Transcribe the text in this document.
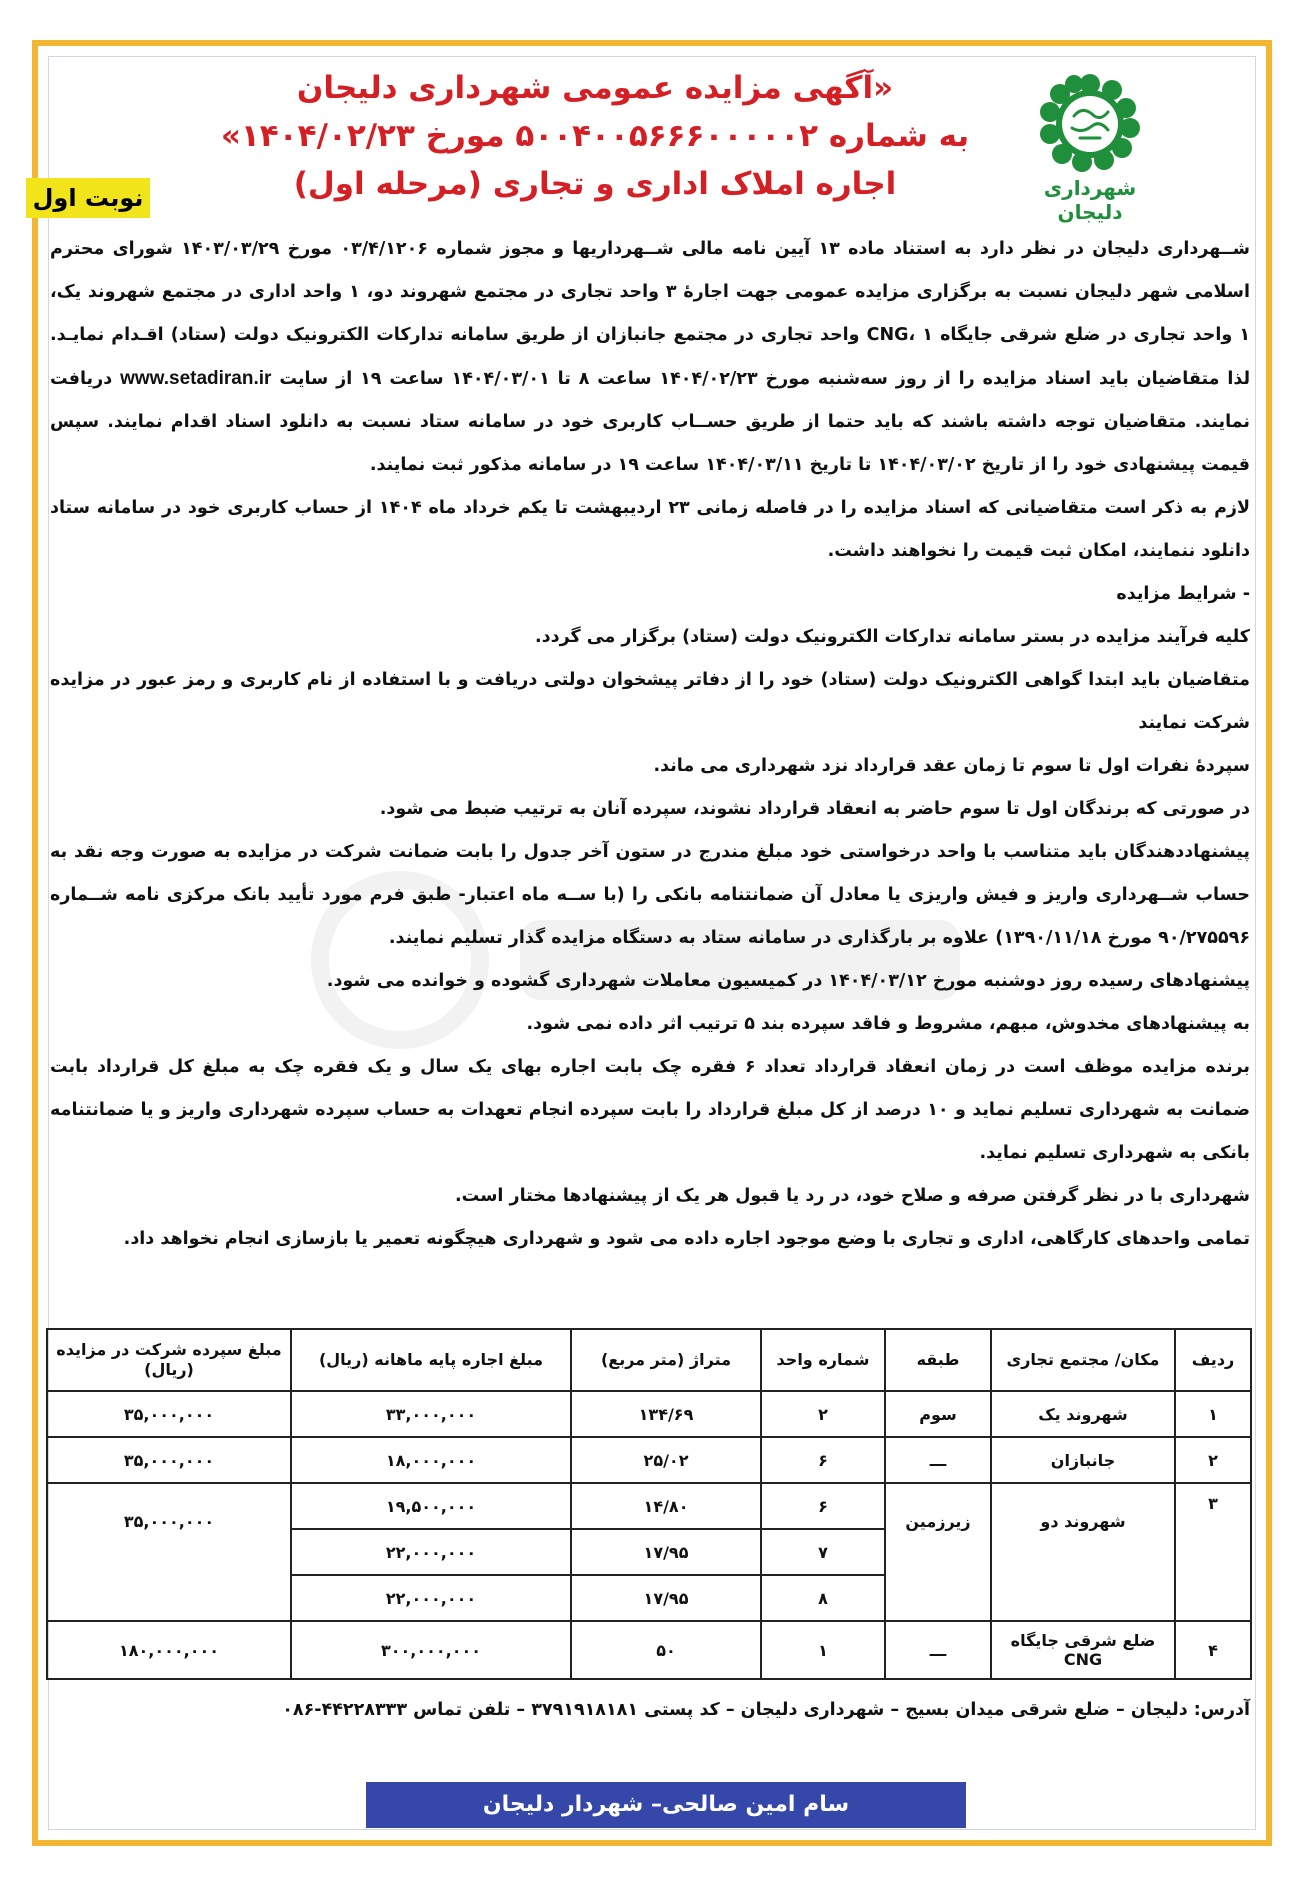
شهرداری دلیجان
«آگهی مزایده عمومی شهرداری دلیجان
به شماره ۵۰۰۴۰۰۵۶۶۶۰۰۰۰۰۲ مورخ ۱۴۰۴/۰۲/۲۳»
اجاره املاک اداری و تجاری (مرحله اول)
نوبت اول

شــهرداری دلیجان در نظر دارد به استناد ماده ۱۳ آیین نامه مالی شــهرداریها و مجوز شماره ۰۳/۴/۱۲۰۶ مورخ ۱۴۰۳/۰۳/۲۹ شورای محترم اسلامی شهر دلیجان نسبت به برگزاری مزایده عمومی جهت اجارهٔ ۳ واحد تجاری در مجتمع شهروند دو، ۱ واحد اداری در مجتمع شهروند یک، ۱ واحد تجاری در ضلع شرقی جایگاه CNG، ۱ واحد تجاری در مجتمع جانبازان از طریق سامانه تدارکات الکترونیک دولت (ستاد) اقـدام نمایـد. لذا متقاضیان باید اسناد مزایده را از روز سه‌شنبه مورخ ۱۴۰۴/۰۲/۲۳ ساعت ۸ تا ۱۴۰۴/۰۳/۰۱ ساعت ۱۹ از سایت www.setadiran.ir دریافت نمایند. متقاضیان توجه داشته باشند که باید حتما از طریق حســاب کاربری خود در سامانه ستاد نسبت به دانلود اسناد اقدام نمایند. سپس قیمت پیشنهادی خود را از تاریخ ۱۴۰۴/۰۳/۰۲ تا تاریخ ۱۴۰۴/۰۳/۱۱ ساعت ۱۹ در سامانه مذکور ثبت نمایند.

لازم به ذکر است متقاضیانی که اسناد مزایده را در فاصله زمانی ۲۳ اردیبهشت تا یکم خرداد ماه ۱۴۰۴ از حساب کاربری خود در سامانه ستاد دانلود ننمایند، امکان ثبت قیمت را نخواهند داشت.

- شرایط مزایده

کلیه فرآیند مزایده در بستر سامانه تدارکات الکترونیک دولت (ستاد) برگزار می گردد.

متقاضیان باید ابتدا گواهی الکترونیک دولت (ستاد) خود را از دفاتر پیشخوان دولتی دریافت و با استفاده از نام کاربری و رمز عبور در مزایده شرکت نمایند

سپردهٔ نفرات اول تا سوم تا زمان عقد قرارداد نزد شهرداری می ماند.

در صورتی که برندگان اول تا سوم حاضر به انعقاد قرارداد نشوند، سپرده آنان به ترتیب ضبط می شود.

پیشنهاددهندگان باید متناسب با واحد درخواستی خود مبلغ مندرج در ستون آخر جدول را بابت ضمانت شرکت در مزایده به صورت وجه نقد به حساب شــهرداری واریز و فیش واریزی یا معادل آن ضمانتنامه بانکی را (با ســه ماه اعتبار- طبق فرم مورد تأیید بانک مرکزی نامه شــماره ۹۰/۲۷۵۵۹۶ مورخ ۱۳۹۰/۱۱/۱۸) علاوه بر بارگذاری در سامانه ستاد به دستگاه مزایده گذار تسلیم نمایند.

پیشنهادهای رسیده روز دوشنبه مورخ ۱۴۰۴/۰۳/۱۲ در کمیسیون معاملات شهرداری گشوده و خوانده می شود.

به پیشنهادهای مخدوش، مبهم، مشروط و فاقد سپرده بند ۵ ترتیب اثر داده نمی شود.

برنده مزایده موظف است در زمان انعقاد قرارداد تعداد ۶ فقره چک بابت اجاره بهای یک سال و یک فقره چک به مبلغ کل قرارداد بابت ضمانت به شهرداری تسلیم نماید و ۱۰ درصد از کل مبلغ قرارداد را بابت سپرده انجام تعهدات به حساب سپرده شهرداری واریز و یا ضمانتنامه بانکی به شهرداری تسلیم نماید.

شهرداری با در نظر گرفتن صرفه و صلاح خود، در رد یا قبول هر یک از پیشنهادها مختار است.

تمامی واحدهای کارگاهی، اداری و تجاری با وضع موجود اجاره داده می شود و شهرداری هیچگونه تعمیر یا بازسازی انجام نخواهد داد.

ردیف	مکان/ مجتمع تجاری	طبقه	شماره واحد	متراژ (متر مربع)	مبلغ اجاره پایه ماهانه (ریال)	مبلغ سپرده شرکت در مزایده (ریال)
۱	شهروند یک	سوم	۲	۱۳۴/۶۹	۳۳,۰۰۰,۰۰۰	۳۵,۰۰۰,۰۰۰
۲	جانبازان	ـــ	۶	۲۵/۰۲	۱۸,۰۰۰,۰۰۰	۳۵,۰۰۰,۰۰۰
۳	شهروند دو	زیرزمین	۶	۱۴/۸۰	۱۹,۵۰۰,۰۰۰	۳۵,۰۰۰,۰۰۰
			۷	۱۷/۹۵	۲۲,۰۰۰,۰۰۰	
			۸	۱۷/۹۵	۲۲,۰۰۰,۰۰۰	
۴	ضلع شرقی جایگاه CNG	ـــ	۱	۵۰	۳۰۰,۰۰۰,۰۰۰	۱۸۰,۰۰۰,۰۰۰
آدرس: دلیجان – ضلع شرقی میدان بسیج – شهرداری دلیجان – کد پستی ۳۷۹۱۹۱۸۱۸۱ – تلفن تماس ۴۴۲۲۸۳۳۳-۰۸۶
سام امین صالحی– شهردار دلیجان
